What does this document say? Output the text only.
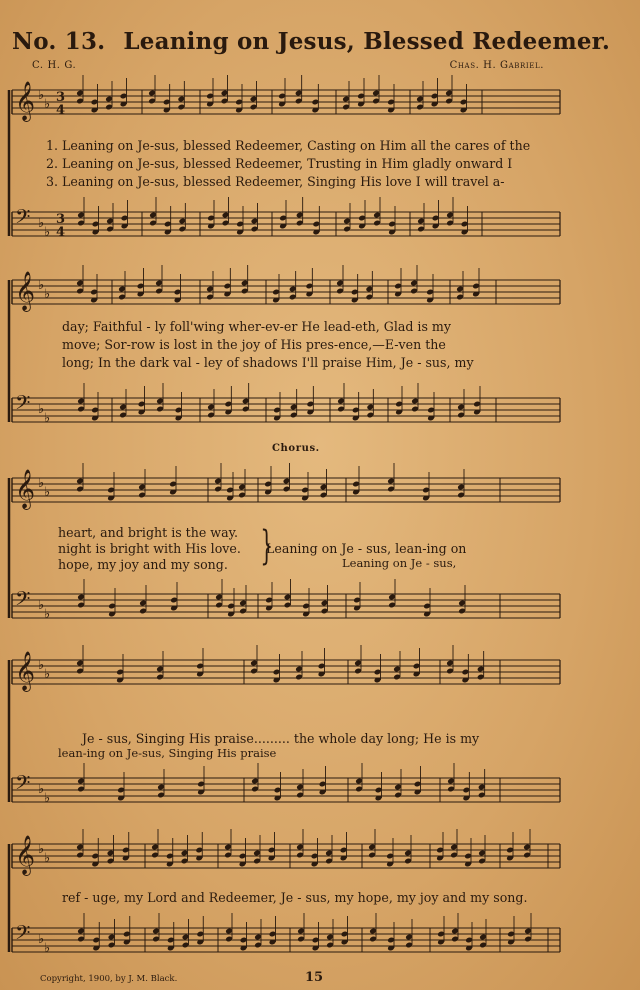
No. 13. Leaning on Jesus, Blessed Redeemer.
C. H. G.	Chas. H. Gabriel.
𝄞 ♭
♭
𝄢 ♭
♭
3
4
3
4
𝄞 ♭
♭
𝄢 ♭
♭
𝄞 ♭
♭
𝄢 ♭
♭
𝄞 ♭
♭
𝄢 ♭
♭
𝄞 ♭
♭
𝄢 ♭
♭
1. Leaning on Je-sus, blessed Redeemer, Casting on Him all the cares of the
2. Leaning on Je-sus, blessed Redeemer, Trusting in Him gladly onward I
3. Leaning on Je-sus, blessed Redeemer, Singing His love I will travel a-
day; Faithful - ly foll'wing wher-ev-er He lead-eth, Glad is my
move; Sor-row is lost in the joy of His pres-ence,—E-ven the
long; In the dark val - ley of shadows I'll praise Him, Je - sus, my
Chorus.
heart, and bright is the way.
night is bright with His love.
hope, my joy and my song. }
Leaning on Je - sus, lean-ing on
Leaning on Je - sus,
Je - sus, Singing His praise......... the whole day long; He is my
lean-ing on Je-sus, Singing His praise
ref - uge, my Lord and Redeemer, Je - sus, my hope, my joy and my song.
Copyright, 1900, by J. M. Black.	15
